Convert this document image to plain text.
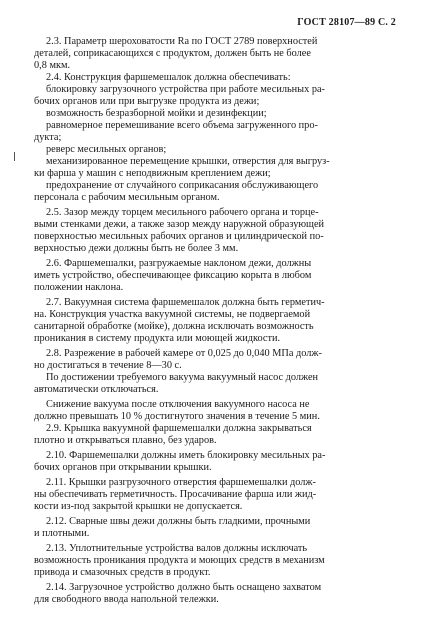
ГОСТ 28107—89 С. 2

2.3. Параметр шероховатости Ra по ГОСТ 2789 поверхностей
деталей, соприкасающихся с продуктом, должен быть не более
0,8 мкм.

2.4. Конструкция фаршемешалок должна обеспечивать:

блокировку загрузочного устройства при работе месильных ра-
бочих органов или при выгрузке продукта из дежи;

возможность безразборной мойки и дезинфекции;

равномерное перемешивание всего объема загруженного про-
дукта;

реверс месильных органов;

механизированное перемещение крышки, отверстия для выгруз-
ки фарша у машин с неподвижным креплением дежи;

предохранение от случайного соприкасания обслуживающего
персонала с рабочим месильным органом.

2.5. Зазор между торцем месильного рабочего органа и торце-
выми стенками дежи, а также зазор между наружной образующей
поверхностью месильных рабочих органов и цилиндрической по-
верхностью дежи должны быть не более 3 мм.

2.6. Фаршемешалки, разгружаемые наклоном дежи, должны
иметь устройство, обеспечивающее фиксацию корыта в любом
положении наклона.

2.7. Вакуумная система фаршемешалок должна быть герметич-
на. Конструкция участка вакуумной системы, не подвергаемой
санитарной обработке (мойке), должна исключать возможность
проникания в систему продукта или моющей жидкости.

2.8. Разрежение в рабочей камере от 0,025 до 0,040 МПа долж-
но достигаться в течение 8—30 с.

По достижении требуемого вакуума вакуумный насос должен
автоматически отключаться.

Снижение вакуума после отключения вакуумного насоса не
должно превышать 10 % достигнутого значения в течение 5 мин.

2.9. Крышка вакуумной фаршемешалки должна закрываться
плотно и открываться плавно, без ударов.

2.10. Фаршемешалки должны иметь блокировку месильных ра-
бочих органов при открывании крышки.

2.11. Крышки разгрузочного отверстия фаршемешалки долж-
ны обеспечивать герметичность. Просачивание фарша или жид-
кости из-под закрытой крышки не допускается.

2.12. Сварные швы дежи должны быть гладкими, прочными
и плотными.

2.13. Уплотнительные устройства валов должны исключать
возможность проникания продукта и моющих средств в механизм
привода и смазочных средств в продукт.

2.14. Загрузочное устройство должно быть оснащено захватом
для свободного ввода напольной тележки.
